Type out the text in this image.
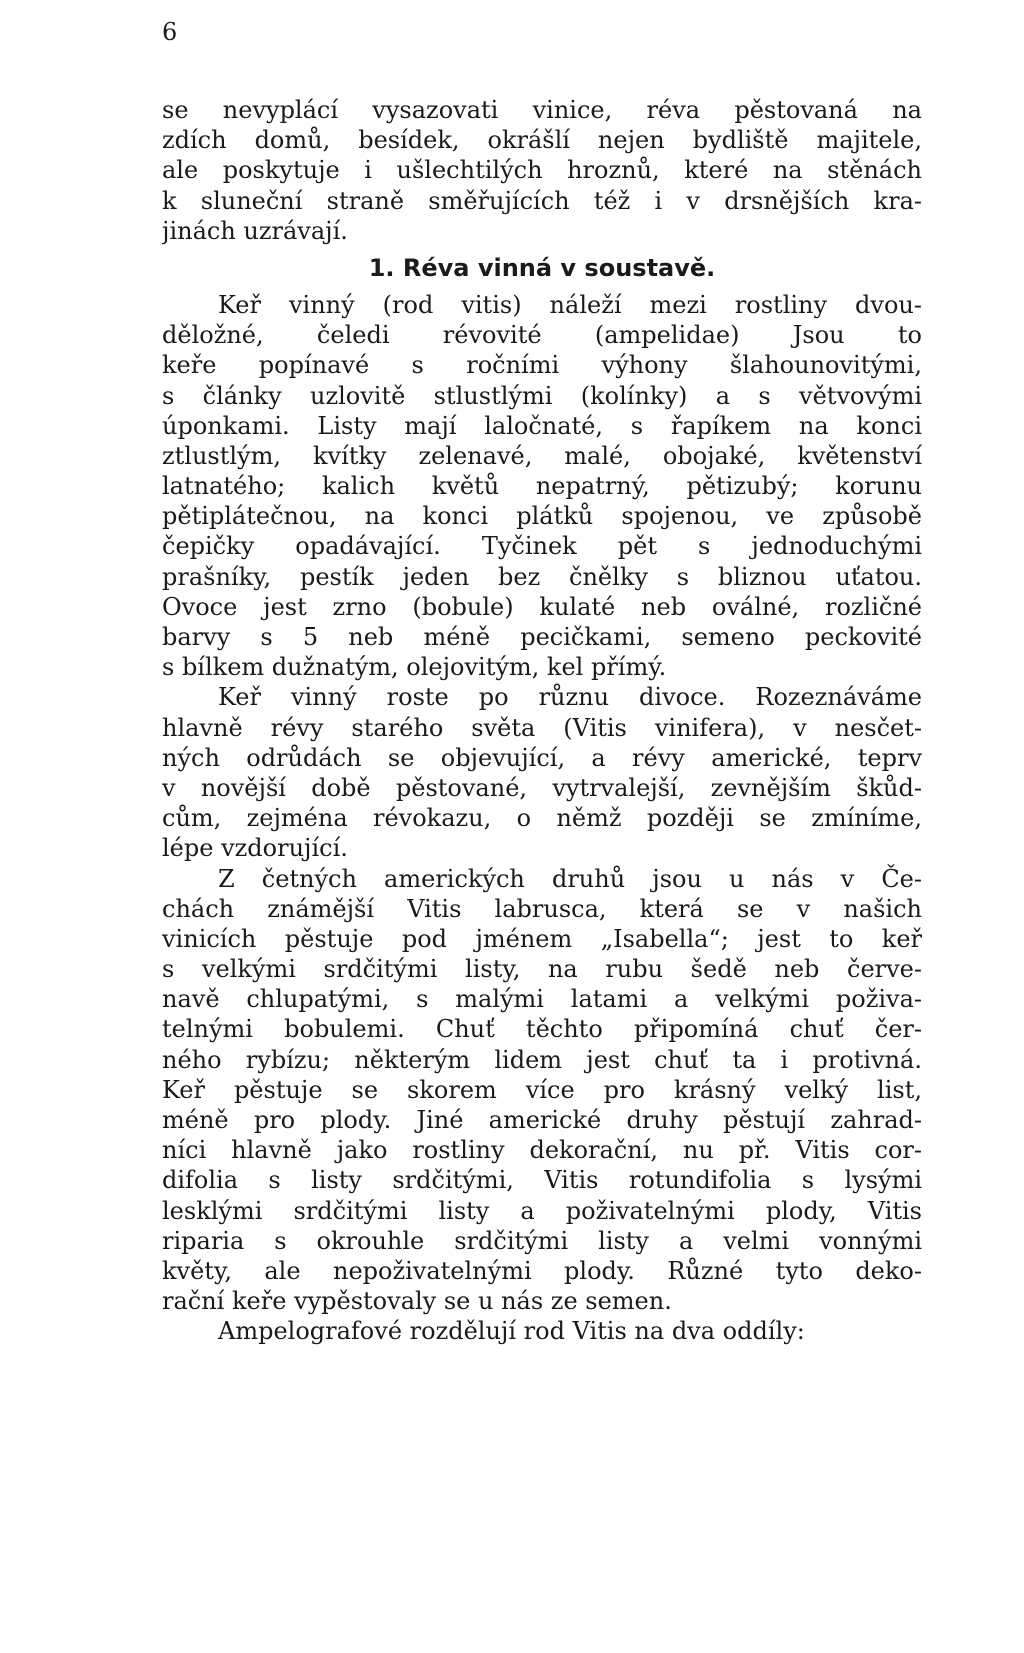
6
se nevyplácí vysazovati vinice, réva pěstovaná na
zdích domů, besídek, okrášlí nejen bydliště majitele,
ale poskytuje i ušlechtilých hroznů, které na stěnách
k sluneční straně směřujících též i v drsnějších kra-
jinách uzrávají.
1. Réva vinná v soustavě.
Keř vinný (rod vitis) náleží mezi rostliny dvou-
děložné, čeledi révovité (ampelidae) Jsou to
keře popínavé s ročními výhony šlahounovitými,
s články uzlovitě stlustlými (kolínky) a s větvovými
úponkami. Listy mají laločnaté, s řapíkem na konci
ztlustlým, kvítky zelenavé, malé, obojaké, květenství
latnatého; kalich květů nepatrný, pětizubý; korunu
pětiplátečnou, na konci plátků spojenou, ve způsobě
čepičky opadávající. Tyčinek pět s jednoduchými
prašníky, pestík jeden bez čnělky s bliznou uťatou.
Ovoce jest zrno (bobule) kulaté neb oválné, rozličné
barvy s 5 neb méně pecičkami, semeno peckovité
s bílkem dužnatým, olejovitým, kel přímý.
Keř vinný roste po různu divoce. Rozeznáváme
hlavně révy starého světa (Vitis vinifera), v nesčet-
ných odrůdách se objevující, a révy americké, teprv
v novější době pěstované, vytrvalejší, zevnějším škůd-
cům, zejména révokazu, o němž později se zmíníme,
lépe vzdorující.
Z četných amerických druhů jsou u nás v Če-
chách známější Vitis labrusca, která se v našich
vinicích pěstuje pod jménem „Isabella“; jest to keř
s velkými srdčitými listy, na rubu šedě neb červe-
navě chlupatými, s malými latami a velkými poživa-
telnými bobulemi. Chuť těchto připomíná chuť čer-
ného rybízu; některým lidem jest chuť ta i protivná.
Keř pěstuje se skorem více pro krásný velký list,
méně pro plody. Jiné americké druhy pěstují zahrad-
níci hlavně jako rostliny dekorační, nu př. Vitis cor-
difolia s listy srdčitými, Vitis rotundifolia s lysými
lesklými srdčitými listy a poživatelnými plody, Vitis
riparia s okrouhle srdčitými listy a velmi vonnými
květy, ale nepoživatelnými plody. Různé tyto deko-
rační keře vypěstovaly se u nás ze semen.
Ampelografové rozdělují rod Vitis na dva oddíly:
